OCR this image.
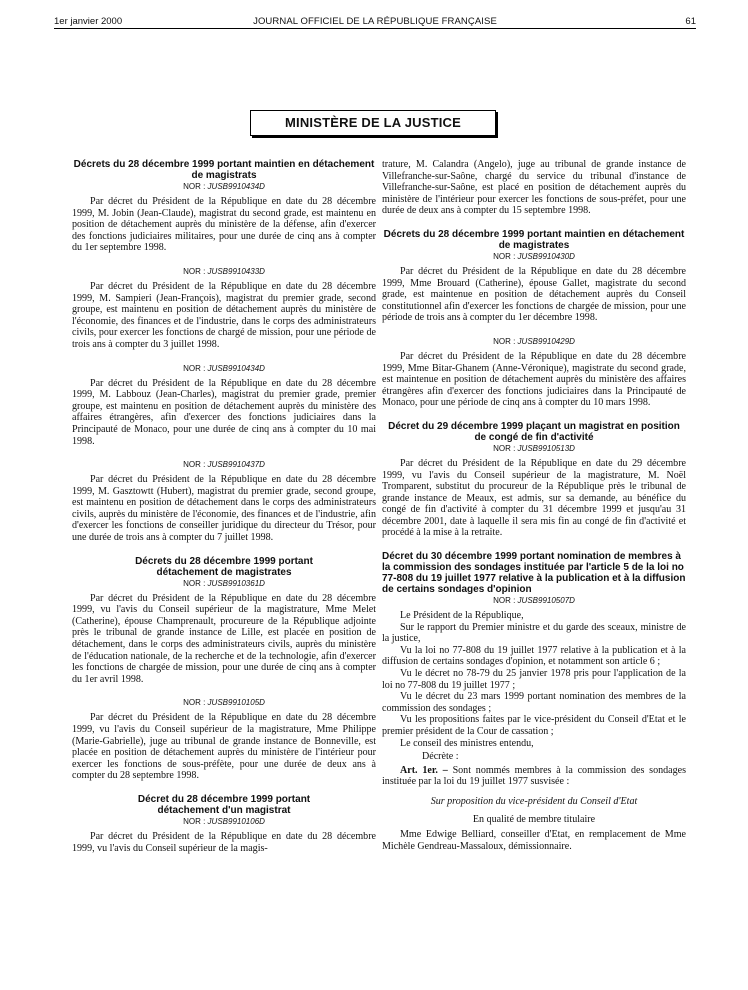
1er janvier 2000	JOURNAL OFFICIEL DE LA RÉPUBLIQUE FRANÇAISE	61
MINISTÈRE DE LA JUSTICE
Décrets du 28 décembre 1999 portant maintien en détachement de magistrats
NOR : JUSB9910434D

Par décret du Président de la République en date du 28 décembre 1999, M. Jobin (Jean-Claude), magistrat du second grade, est maintenu en position de détachement auprès du ministère de la défense, afin d'exercer des fonctions judiciaires militaires, pour une durée de cinq ans à compter du 1er septembre 1998.

NOR : JUSB9910433D

Par décret du Président de la République en date du 28 décembre 1999, M. Sampieri (Jean-François), magistrat du premier grade, second groupe, est maintenu en position de détachement auprès du ministère de l'économie, des finances et de l'industrie, dans le corps des administrateurs civils, pour exercer les fonctions de chargé de mission, pour une période de trois ans à compter du 3 juillet 1998.

NOR : JUSB9910434D

Par décret du Président de la République en date du 28 décembre 1999, M. Labbouz (Jean-Charles), magistrat du premier grade, premier groupe, est maintenu en position de détachement auprès du ministère des affaires étrangères, afin d'exercer des fonctions judiciaires dans la Principauté de Monaco, pour une durée de cinq ans à compter du 10 mai 1998.

NOR : JUSB9910437D

Par décret du Président de la République en date du 28 décembre 1999, M. Gasztowtt (Hubert), magistrat du premier grade, second groupe, est maintenu en position de détachement dans le corps des administrateurs civils, auprès du ministère de l'économie, des finances et de l'industrie, afin d'exercer les fonctions de conseiller juridique du directeur du Trésor, pour une durée de trois ans à compter du 7 juillet 1998.

Décrets du 28 décembre 1999 portant détachement de magistrates
NOR : JUSB9910361D

Par décret du Président de la République en date du 28 décembre 1999, vu l'avis du Conseil supérieur de la magistrature, Mme Melet (Catherine), épouse Champrenault, procureure de la République adjointe près le tribunal de grande instance de Lille, est placée en position de détachement, dans le corps des administrateurs civils, auprès du ministère de l'éducation nationale, de la recherche et de la technologie, afin d'exercer les fonctions de chargée de mission, pour une durée de cinq ans à compter du 1er avril 1998.

NOR : JUSB9910105D

Par décret du Président de la République en date du 28 décembre 1999, vu l'avis du Conseil supérieur de la magistrature, Mme Philippe (Marie-Gabrielle), juge au tribunal de grande instance de Bonneville, est placée en position de détachement auprès du ministère de l'intérieur pour exercer les fonctions de sous-préfète, pour une durée de deux ans à compter du 28 septembre 1998.

Décret du 28 décembre 1999 portant détachement d'un magistrat
NOR : JUSB9910106D

Par décret du Président de la République en date du 28 décembre 1999, vu l'avis du Conseil supérieur de la magis-

trature, M. Calandra (Angelo), juge au tribunal de grande instance de Villefranche-sur-Saône, chargé du service du tribunal d'instance de Villefranche-sur-Saône, est placé en position de détachement auprès du ministère de l'intérieur pour exercer les fonctions de sous-préfet, pour une durée de deux ans à compter du 15 septembre 1998.

Décrets du 28 décembre 1999 portant maintien en détachement de magistrates
NOR : JUSB9910430D

Par décret du Président de la République en date du 28 décembre 1999, Mme Brouard (Catherine), épouse Gallet, magistrate du second grade, est maintenue en position de détachement auprès du Conseil constitutionnel afin d'exercer les fonctions de chargée de mission, pour une période de trois ans à compter du 1er décembre 1998.

NOR : JUSB9910429D

Par décret du Président de la République en date du 28 décembre 1999, Mme Bitar-Ghanem (Anne-Véronique), magistrate du second grade, est maintenue en position de détachement auprès du ministère des affaires étrangères afin d'exercer des fonctions judiciaires dans la Principauté de Monaco, pour une période de cinq ans à compter du 10 mars 1998.

Décret du 29 décembre 1999 plaçant un magistrat en position de congé de fin d'activité
NOR : JUSB9910513D

Par décret du Président de la République en date du 29 décembre 1999, vu l'avis du Conseil supérieur de la magistrature, M. Noël Tromparent, substitut du procureur de la République près le tribunal de grande instance de Meaux, est admis, sur sa demande, au bénéfice du congé de fin d'activité à compter du 31 décembre 1999 et jusqu'au 31 décembre 2001, date à laquelle il sera mis fin au congé de fin d'activité et procédé à la mise à la retraite.

Décret du 30 décembre 1999 portant nomination de membres à la commission des sondages instituée par l'article 5 de la loi no 77-808 du 19 juillet 1977 relative à la publication et à la diffusion de certains sondages d'opinion
NOR : JUSB9910507D

Le Président de la République,

Sur le rapport du Premier ministre et du garde des sceaux, ministre de la justice,

Vu la loi no 77-808 du 19 juillet 1977 relative à la publication et à la diffusion de certains sondages d'opinion, et notamment son article 6 ;

Vu le décret no 78-79 du 25 janvier 1978 pris pour l'application de la loi no 77-808 du 19 juillet 1977 ;

Vu le décret du 23 mars 1999 portant nomination des membres de la commission des sondages ;

Vu les propositions faites par le vice-président du Conseil d'Etat et le premier président de la Cour de cassation ;

Le conseil des ministres entendu,

Décrète :

Art. 1er. – Sont nommés membres à la commission des sondages instituée par la loi du 19 juillet 1977 susvisée :

Sur proposition du vice-président du Conseil d'Etat

En qualité de membre titulaire

Mme Edwige Belliard, conseiller d'Etat, en remplacement de Mme Michèle Gendreau-Massaloux, démissionnaire.
